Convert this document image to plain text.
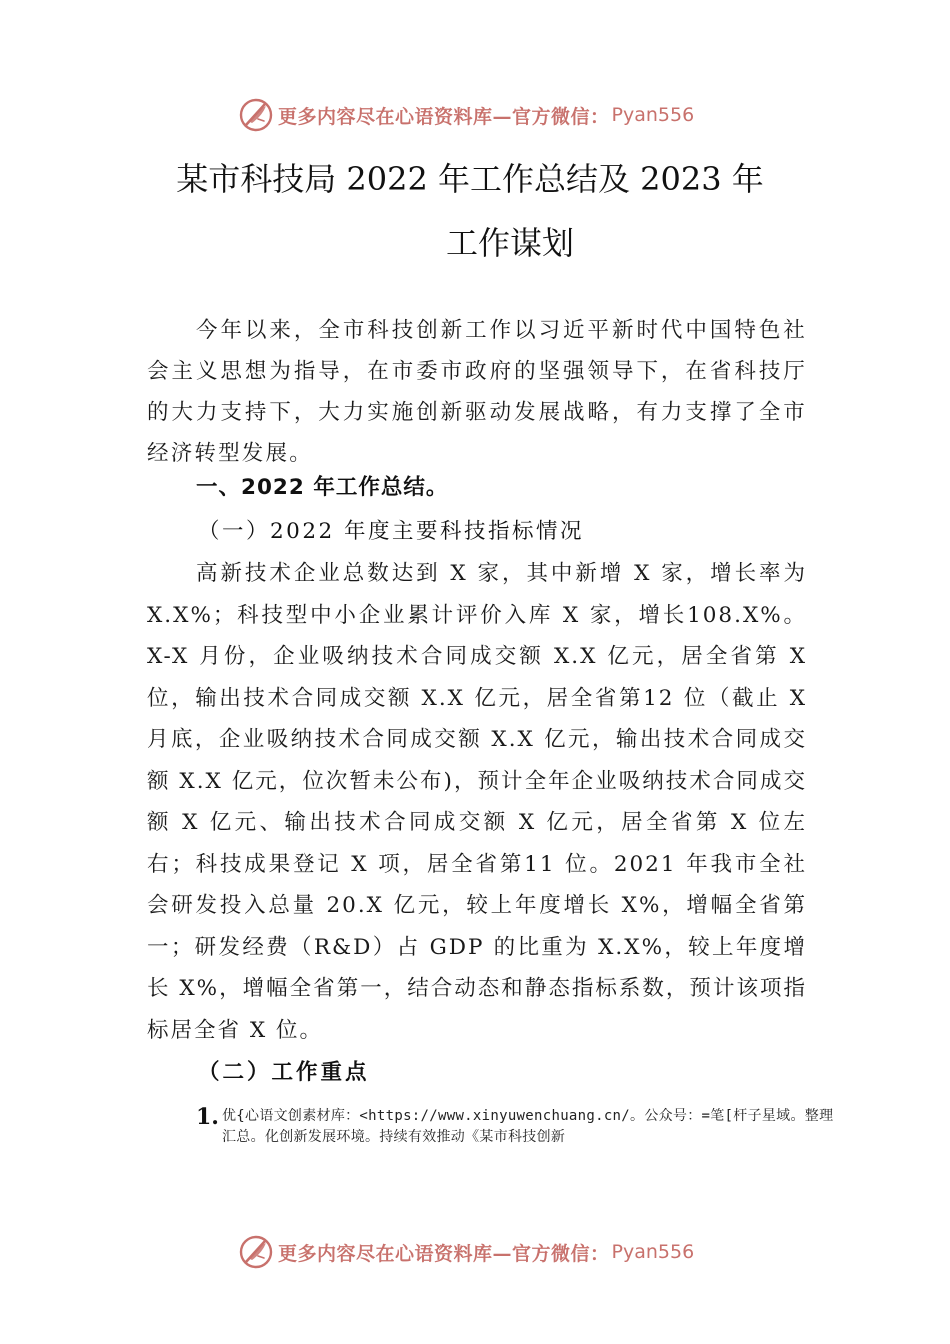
更多内容尽在心语资料库—官方微信： Pyan556
某市科技局 2022 年工作总结及 2023 年
工作谋划

今年以来，全市科技创新工作以习近平新时代中国特色社会主义思想为指导，在市委市政府的坚强领导下，在省科技厅的大力支持下，大力实施创新驱动发展战略，有力支撑了全市经济转型发展。

一、2022 年工作总结。
（一）2022 年度主要科技指标情况

高新技术企业总数达到 X 家，其中新增 X 家，增长率为 X.X%；科技型中小企业累计评价入库 X 家，增长108.X%。X-X 月份，企业吸纳技术合同成交额 X.X 亿元，居全省第 X 位，输出技术合同成交额 X.X 亿元，居全省第12 位（截止 X 月底，企业吸纳技术合同成交额 X.X 亿元，输出技术合同成交额 X.X 亿元，位次暂未公布)，预计全年企业吸纳技术合同成交额 X 亿元、输出技术合同成交额 X 亿元，居全省第 X 位左右；科技成果登记 X 项，居全省第11 位。2021 年我市全社会研发投入总量 20.X 亿元，较上年度增长 X%，增幅全省第一；研发经费（R&D）占 GDP 的比重为 X.X%，较上年度增长 X%，增幅全省第一，结合动态和静态指标系数，预计该项指标居全省 X 位。

（二）工作重点
1. 优{心语文创素材库：<https://www.xinyuwenchuang.cn/。公众号：=笔[杆子星域。整理汇总。化创新发展环境。持续有效推动《某市科技创新
更多内容尽在心语资料库—官方微信： Pyan556
